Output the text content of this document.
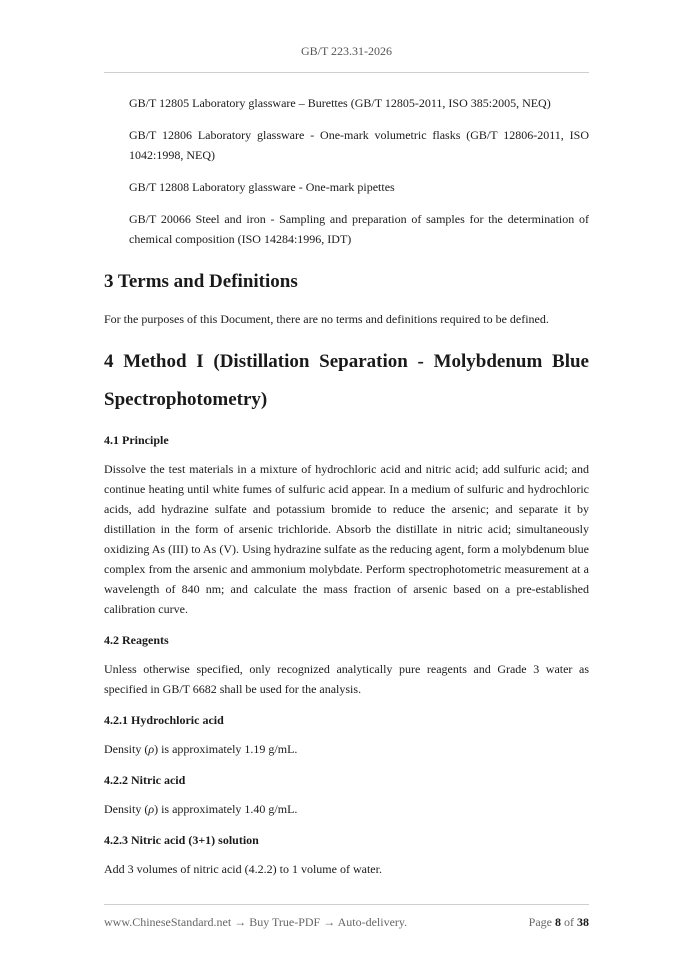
GB/T 223.31-2026

GB/T 12805 Laboratory glassware – Burettes (GB/T 12805-2011, ISO 385:2005, NEQ)

GB/T 12806 Laboratory glassware - One-mark volumetric flasks (GB/T 12806-2011, ISO 1042:1998, NEQ)

GB/T 12808 Laboratory glassware - One-mark pipettes

GB/T 20066 Steel and iron - Sampling and preparation of samples for the determination of chemical composition (ISO 14284:1996, IDT)

3 Terms and Definitions

For the purposes of this Document, there are no terms and definitions required to be defined.

4 Method I (Distillation Separation - Molybdenum Blue
Spectrophotometry)
4.1 Principle

Dissolve the test materials in a mixture of hydrochloric acid and nitric acid; add sulfuric acid; and continue heating until white fumes of sulfuric acid appear. In a medium of sulfuric and hydrochloric acids, add hydrazine sulfate and potassium bromide to reduce the arsenic; and separate it by distillation in the form of arsenic trichloride. Absorb the distillate in nitric acid; simultaneously oxidizing As (III) to As (V). Using hydrazine sulfate as the reducing agent, form a molybdenum blue complex from the arsenic and ammonium molybdate. Perform spectrophotometric measurement at a wavelength of 840 nm; and calculate the mass fraction of arsenic based on a pre-established calibration curve.

4.2 Reagents

Unless otherwise specified, only recognized analytically pure reagents and Grade 3 water as specified in GB/T 6682 shall be used for the analysis.

4.2.1 Hydrochloric acid

Density (ρ) is approximately 1.19 g/mL.

4.2.2 Nitric acid

Density (ρ) is approximately 1.40 g/mL.

4.2.3 Nitric acid (3+1) solution

Add 3 volumes of nitric acid (4.2.2) to 1 volume of water.

www.ChineseStandard.net → Buy True-PDF → Auto-delivery.	Page 8 of 38
